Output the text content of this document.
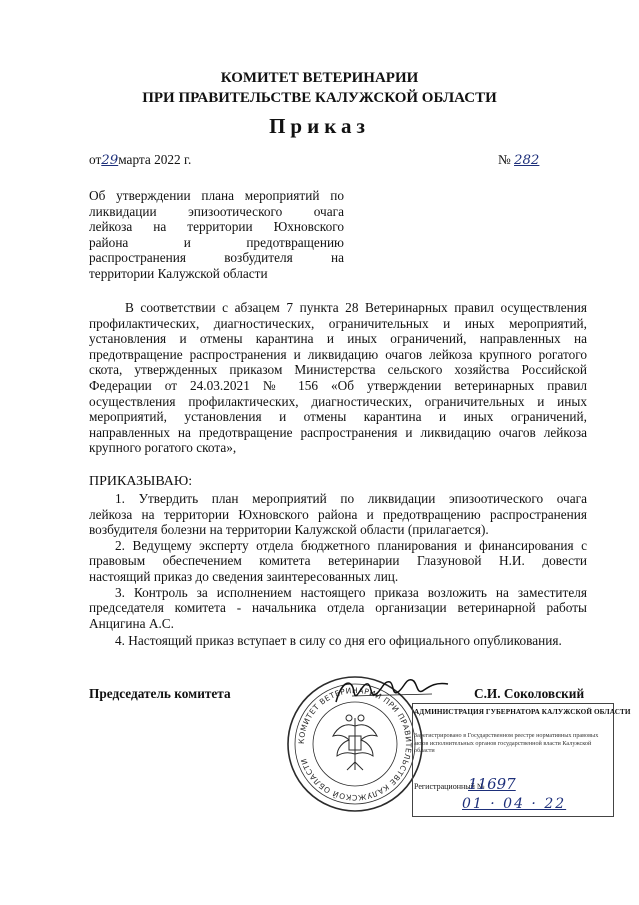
КОМИТЕТ ВЕТЕРИНАРИИ
ПРИ ПРАВИТЕЛЬСТВЕ КАЛУЖСКОЙ ОБЛАСТИ
Приказ
от29марта 2022 г.	№ 282
Об утверждении плана мероприятий по
ликвидации эпизоотического очага
лейкоза на территории Юхновского
района и предотвращению
распространения возбудителя на
территории Калужской области
В соответствии с абзацем 7 пункта 28 Ветеринарных правил осуществления
профилактических, диагностических, ограничительных и иных мероприятий,
установления и отмены карантина и иных ограничений, направленных на
предотвращение распространения и ликвидацию очагов лейкоза крупного рогатого
скота, утвержденных приказом Министерства сельского хозяйства Российской
Федерации от 24.03.2021 № 156 «Об утверждении ветеринарных правил
осуществления профилактических, диагностических, ограничительных и иных
мероприятий, установления и отмены карантина и иных ограничений,
направленных на предотвращение распространения и ликвидацию очагов лейкоза
крупного рогатого скота»,
ПРИКАЗЫВАЮ:
1. Утвердить план мероприятий по ликвидации эпизоотического очага
лейкоза на территории Юхновского района и предотвращению распространения
возбудителя болезни на территории Калужской области (прилагается).
2. Ведущему эксперту отдела бюджетного планирования и финансирования с
правовым обеспечением комитета ветеринарии Глазуновой Н.И. довести
настоящий приказ до сведения заинтересованных лиц.
3. Контроль за исполнением настоящего приказа возложить на заместителя
председателя комитета - начальника отдела организации ветеринарной работы
Анцигина А.С.
4. Настоящий приказ вступает в силу со дня его официального опубликования.
Председатель комитета	С.И. Соколовский
КОМИТЕТ ВЕТЕРИНАРИИ ПРИ ПРАВИТЕЛЬСТВЕ КАЛУЖСКОЙ ОБЛАСТИ
АДМИНИСТРАЦИЯ ГУБЕРНАТОРА КАЛУЖСКОЙ ОБЛАСТИ
Зарегистрировано в Государственном реестре нормативных правовых актов исполнительных органов государственной власти Калужской области
Регистрационный №
11697
01 · 04 · 22
